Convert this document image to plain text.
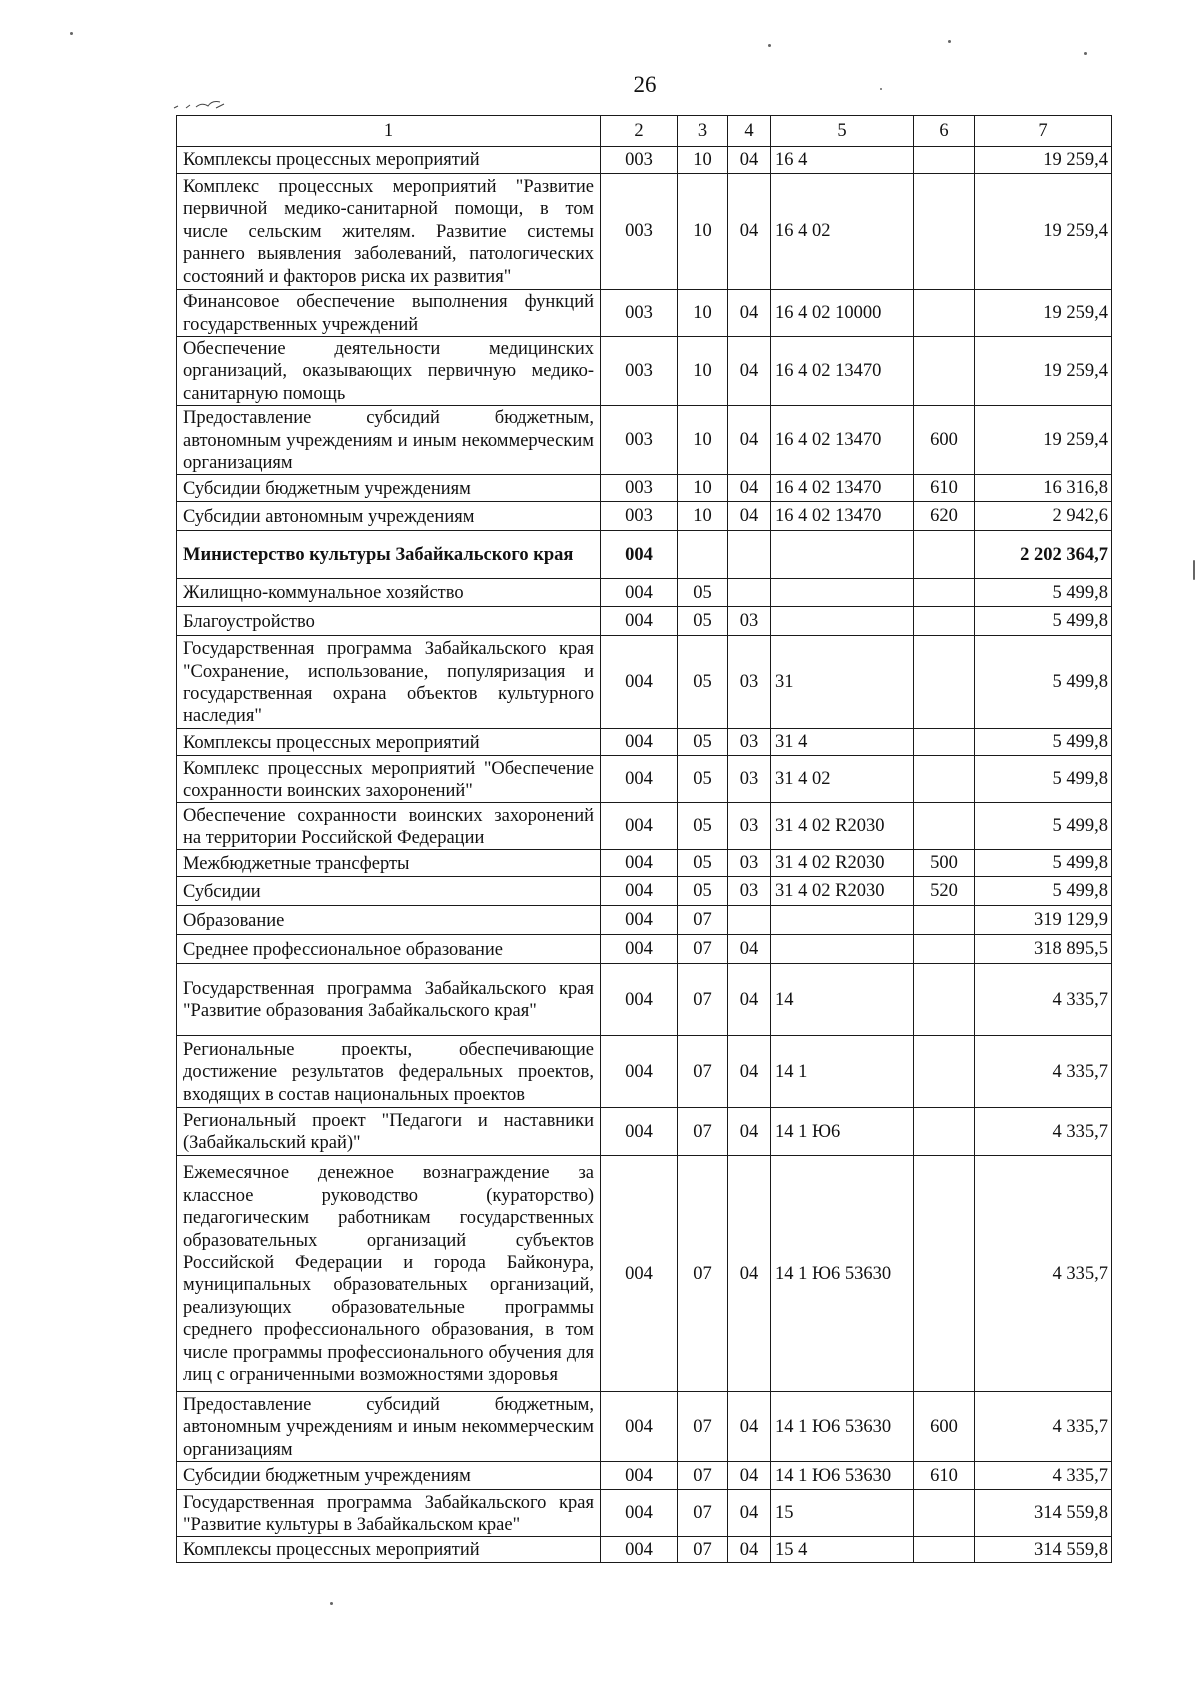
26
1	2	3	4	5	6	7
Комплексы процессных мероприятий	003	10	04	16 4		19 259,4
Комплекс процессных мероприятий "Развитие первичной медико-санитарной помощи, в том числе сельским жителям. Развитие системы раннего выявления заболеваний, патологических состояний и факторов риска их развития"	003	10	04	16 4 02		19 259,4
Финансовое обеспечение выполнения функций государственных учреждений	003	10	04	16 4 02 10000		19 259,4
Обеспечение деятельности медицинских организаций, оказывающих первичную медико-санитарную помощь	003	10	04	16 4 02 13470		19 259,4
Предоставление субсидий бюджетным, автономным учреждениям и иным некоммерческим организациям	003	10	04	16 4 02 13470	600	19 259,4
Субсидии бюджетным учреждениям	003	10	04	16 4 02 13470	610	16 316,8
Субсидии автономным учреждениям	003	10	04	16 4 02 13470	620	2 942,6
Министерство культуры Забайкальского края	004					2 202 364,7
Жилищно-коммунальное хозяйство	004	05				5 499,8
Благоустройство	004	05	03			5 499,8
Государственная программа Забайкальского края "Сохранение, использование, популяризация и государственная охрана объектов культурного наследия"	004	05	03	31		5 499,8
Комплексы процессных мероприятий	004	05	03	31 4		5 499,8
Комплекс процессных мероприятий "Обеспечение сохранности воинских захоронений"	004	05	03	31 4 02		5 499,8
Обеспечение сохранности воинских захоронений на территории Российской Федерации	004	05	03	31 4 02 R2030		5 499,8
Межбюджетные трансферты	004	05	03	31 4 02 R2030	500	5 499,8
Субсидии	004	05	03	31 4 02 R2030	520	5 499,8
Образование	004	07				319 129,9
Среднее профессиональное образование	004	07	04			318 895,5
Государственная программа Забайкальского края "Развитие образования Забайкальского края"	004	07	04	14		4 335,7
Региональные проекты, обеспечивающие достижение результатов федеральных проектов, входящих в состав национальных проектов	004	07	04	14 1		4 335,7
Региональный проект "Педагоги и наставники (Забайкальский край)"	004	07	04	14 1 Ю6		4 335,7
Ежемесячное денежное вознаграждение за классное руководство (кураторство) педагогическим работникам государственных образовательных организаций субъектов Российской Федерации и города Байконура, муниципальных образовательных организаций, реализующих образовательные программы среднего профессионального образования, в том числе программы профессионального обучения для лиц с ограниченными возможностями здоровья	004	07	04	14 1 Ю6 53630		4 335,7
Предоставление субсидий бюджетным, автономным учреждениям и иным некоммерческим организациям	004	07	04	14 1 Ю6 53630	600	4 335,7
Субсидии бюджетным учреждениям	004	07	04	14 1 Ю6 53630	610	4 335,7
Государственная программа Забайкальского края "Развитие культуры в Забайкальском крае"	004	07	04	15		314 559,8
Комплексы процессных мероприятий	004	07	04	15 4		314 559,8
